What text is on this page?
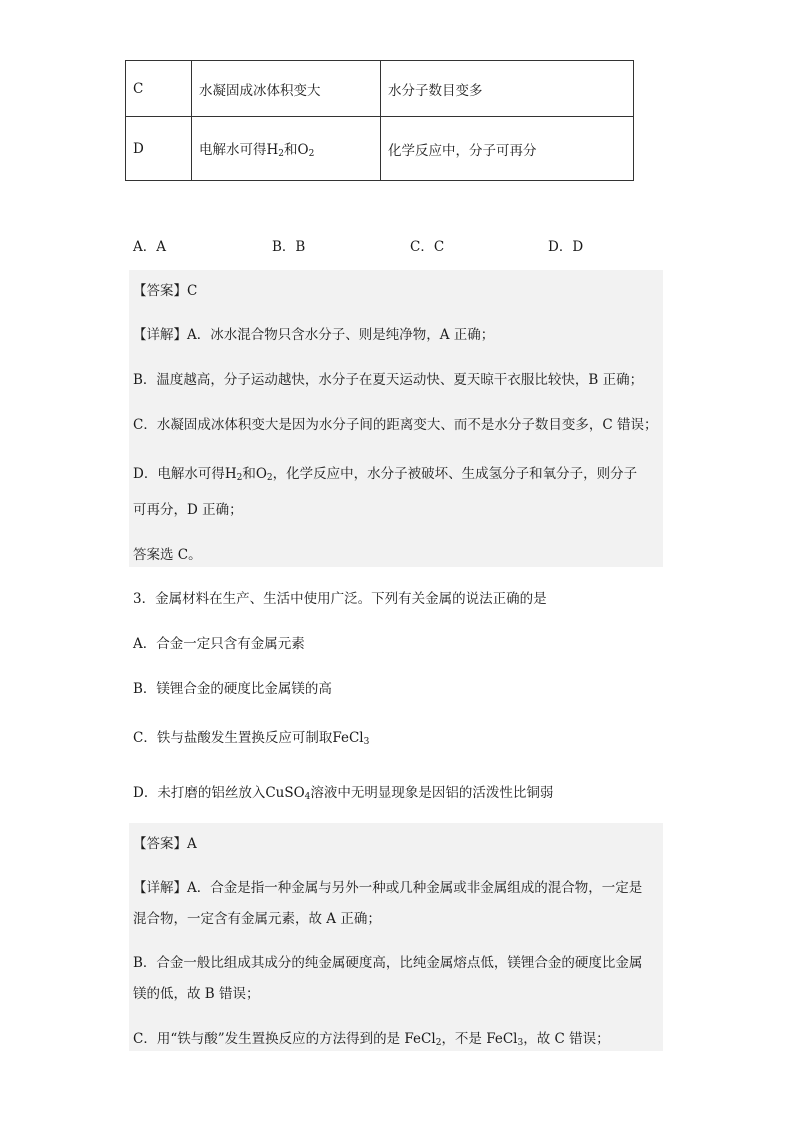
C	水凝固成冰体积变大	水分子数目变多
D	电解水可得$H_2$和$O_2$	化学反应中，分子可再分
A．A	B．B	C．C	D．D
【答案】C
【详解】A．冰水混合物只含水分子、则是纯净物，A 正确；
B．温度越高，分子运动越快，水分子在夏天运动快、夏天晾干衣服比较快，B 正确；
C．水凝固成冰体积变大是因为水分子间的距离变大、而不是水分子数目变多，C 错误；
D．电解水可得$H_2$和$O_2$，化学反应中，水分子被破坏、生成氢分子和氧分子，则分子
可再分，D 正确；
答案选 C。
3．金属材料在生产、生活中使用广泛。下列有关金属的说法正确的是
A．合金一定只含有金属元素
B．镁锂合金的硬度比金属镁的高
C．铁与盐酸发生置换反应可制取FeCl$_3$
D．未打磨的铝丝放入CuSO$_4$溶液中无明显现象是因铝的活泼性比铜弱
【答案】A
【详解】A．合金是指一种金属与另外一种或几种金属或非金属组成的混合物，一定是
混合物，一定含有金属元素，故 A 正确；
B．合金一般比组成其成分的纯金属硬度高，比纯金属熔点低，镁锂合金的硬度比金属
镁的低，故 B 错误；
C．用“铁与酸”发生置换反应的方法得到的是 FeCl$_2$，不是 FeCl$_3$，故 C 错误；
